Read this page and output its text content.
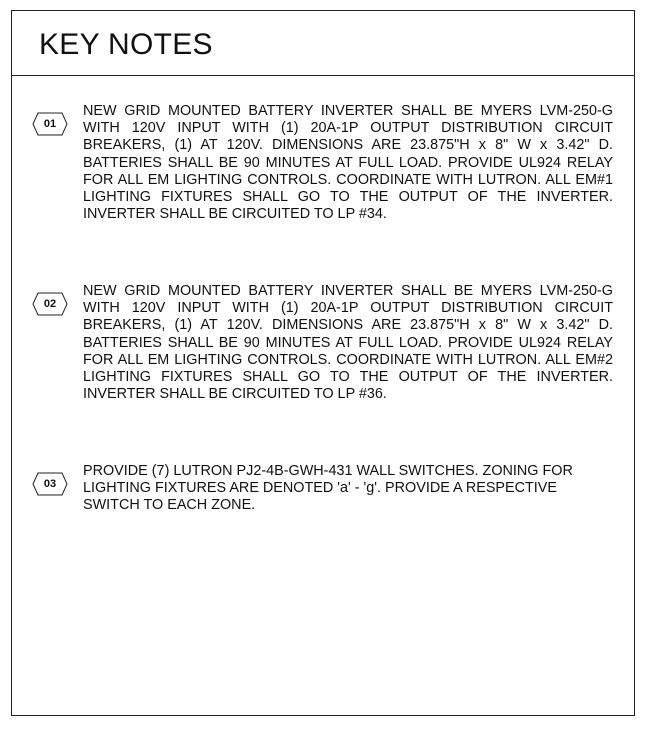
KEY NOTES
01
NEW GRID MOUNTED BATTERY INVERTER SHALL BE MYERS LVM-250-G WITH 120V INPUT WITH (1) 20A-1P OUTPUT DISTRIBUTION CIRCUIT BREAKERS, (1) AT 120V. DIMENSIONS ARE 23.875"H x 8" W x 3.42" D. BATTERIES SHALL BE 90 MINUTES AT FULL LOAD. PROVIDE UL924 RELAY FOR ALL EM LIGHTING CONTROLS. COORDINATE WITH LUTRON. ALL EM#1 LIGHTING FIXTURES SHALL GO TO THE OUTPUT OF THE INVERTER. INVERTER SHALL BE CIRCUITED TO LP #34.
02
NEW GRID MOUNTED BATTERY INVERTER SHALL BE MYERS LVM-250-G WITH 120V INPUT WITH (1) 20A-1P OUTPUT DISTRIBUTION CIRCUIT BREAKERS, (1) AT 120V. DIMENSIONS ARE 23.875"H x 8" W x 3.42" D. BATTERIES SHALL BE 90 MINUTES AT FULL LOAD. PROVIDE UL924 RELAY FOR ALL EM LIGHTING CONTROLS. COORDINATE WITH LUTRON. ALL EM#2 LIGHTING FIXTURES SHALL GO TO THE OUTPUT OF THE INVERTER. INVERTER SHALL BE CIRCUITED TO LP #36.
03
PROVIDE (7) LUTRON PJ2-4B-GWH-431 WALL SWITCHES. ZONING FOR LIGHTING FIXTURES ARE DENOTED 'a' - 'g'. PROVIDE A RESPECTIVE SWITCH TO EACH ZONE.
